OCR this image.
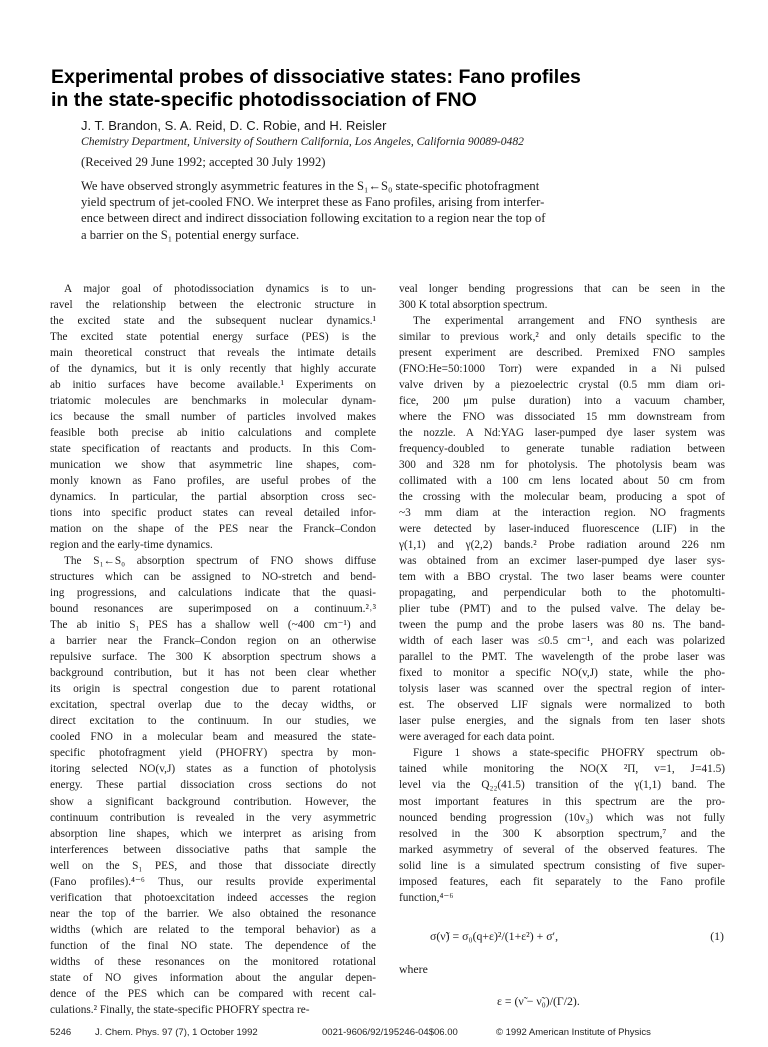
Experimental probes of dissociative states: Fano profiles
in the state-specific photodissociation of FNO
J. T. Brandon, S. A. Reid, D. C. Robie, and H. Reisler
Chemistry Department, University of Southern California, Los Angeles, California 90089-0482
(Received 29 June 1992; accepted 30 July 1992)
We have observed strongly asymmetric features in the S₁←S₀ state-specific photofragment
yield spectrum of jet-cooled FNO. We interpret these as Fano profiles, arising from interfer-
ence between direct and indirect dissociation following excitation to a region near the top of
a barrier on the S₁ potential energy surface.
A major goal of photodissociation dynamics is to un-
ravel the relationship between the electronic structure in
the excited state and the subsequent nuclear dynamics.¹
The excited state potential energy surface (PES) is the
main theoretical construct that reveals the intimate details
of the dynamics, but it is only recently that highly accurate
ab initio surfaces have become available.¹ Experiments on
triatomic molecules are benchmarks in molecular dynam-
ics because the small number of particles involved makes
feasible both precise ab initio calculations and complete
state specification of reactants and products. In this Com-
munication we show that asymmetric line shapes, com-
monly known as Fano profiles, are useful probes of the
dynamics. In particular, the partial absorption cross sec-
tions into specific product states can reveal detailed infor-
mation on the shape of the PES near the Franck–Condon
region and the early-time dynamics.
The S₁←S₀ absorption spectrum of FNO shows diffuse
structures which can be assigned to NO-stretch and bend-
ing progressions, and calculations indicate that the quasi-
bound resonances are superimposed on a continuum.²˒³
The ab initio S₁ PES has a shallow well (~400 cm⁻¹) and
a barrier near the Franck–Condon region on an otherwise
repulsive surface. The 300 K absorption spectrum shows a
background contribution, but it has not been clear whether
its origin is spectral congestion due to parent rotational
excitation, spectral overlap due to the decay widths, or
direct excitation to the continuum. In our studies, we
cooled FNO in a molecular beam and measured the state-
specific photofragment yield (PHOFRY) spectra by mon-
itoring selected NO(v,J) states as a function of photolysis
energy. These partial dissociation cross sections do not
show a significant background contribution. However, the
continuum contribution is revealed in the very asymmetric
absorption line shapes, which we interpret as arising from
interferences between dissociative paths that sample the
well on the S₁ PES, and those that dissociate directly
(Fano profiles).⁴⁻⁶ Thus, our results provide experimental
verification that photoexcitation indeed accesses the region
near the top of the barrier. We also obtained the resonance
widths (which are related to the temporal behavior) as a
function of the final NO state. The dependence of the
widths of these resonances on the monitored rotational
state of NO gives information about the angular depen-
dence of the PES which can be compared with recent cal-
culations.² Finally, the state-specific PHOFRY spectra re-
veal longer bending progressions that can be seen in the
300 K total absorption spectrum.
The experimental arrangement and FNO synthesis are
similar to previous work,² and only details specific to the
present experiment are described. Premixed FNO samples
(FNO:He=50:1000 Torr) were expanded in a Ni pulsed
valve driven by a piezoelectric crystal (0.5 mm diam ori-
fice, 200 μm pulse duration) into a vacuum chamber,
where the FNO was dissociated 15 mm downstream from
the nozzle. A Nd:YAG laser-pumped dye laser system was
frequency-doubled to generate tunable radiation between
300 and 328 nm for photolysis. The photolysis beam was
collimated with a 100 cm lens located about 50 cm from
the crossing with the molecular beam, producing a spot of
~3 mm diam at the interaction region. NO fragments
were detected by laser-induced fluorescence (LIF) in the
γ(1,1) and γ(2,2) bands.² Probe radiation around 226 nm
was obtained from an excimer laser-pumped dye laser sys-
tem with a BBO crystal. The two laser beams were counter
propagating, and perpendicular both to the photomulti-
plier tube (PMT) and to the pulsed valve. The delay be-
tween the pump and the probe lasers was 80 ns. The band-
width of each laser was ≤0.5 cm⁻¹, and each was polarized
parallel to the PMT. The wavelength of the probe laser was
fixed to monitor a specific NO(v,J) state, while the pho-
tolysis laser was scanned over the spectral region of inter-
est. The observed LIF signals were normalized to both
laser pulse energies, and the signals from ten laser shots
were averaged for each data point.
Figure 1 shows a state-specific PHOFRY spectrum ob-
tained while monitoring the NO(X ²Π, v=1, J=41.5)
level via the Q₂₂(41.5) transition of the γ(1,1) band. The
most important features in this spectrum are the pro-
nounced bending progression (10v₃) which was not fully
resolved in the 300 K absorption spectrum,⁷ and the
marked asymmetry of several of the observed features. The
solid line is a simulated spectrum consisting of five super-
imposed features, each fit separately to the Fano profile
function,⁴⁻⁶
σ(ν̃) = σ₀(q+ε)²/(1+ε²) + σ′,	(1)
where
ε = (ν̃ − ν̃₀)/(Γ/2).
5246	J. Chem. Phys. 97 (7), 1 October 1992	0021-9606/92/195246-04$06.00	© 1992 American Institute of Physics
